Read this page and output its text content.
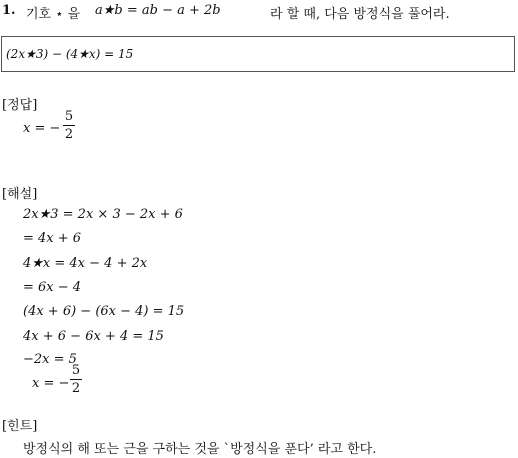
1. 기호 ⋆ 을 a★b = ab − a + 2b	라 할 때, 다음 방정식을 풀어라.
(2x★3) − (4★x) = 15
[정답]
x = −
5
2
[해설]
2x★3 = 2x × 3 − 2x + 6
= 4x + 6
4★x = 4x − 4 + 2x
= 6x − 4
(4x + 6) − (6x − 4) = 15
4x + 6 − 6x + 4 = 15
−2x = 5
x = −
5
2
[힌트]
방정식의 해 또는 근을 구하는 것을 `방정식을 푼다’ 라고 한다.
